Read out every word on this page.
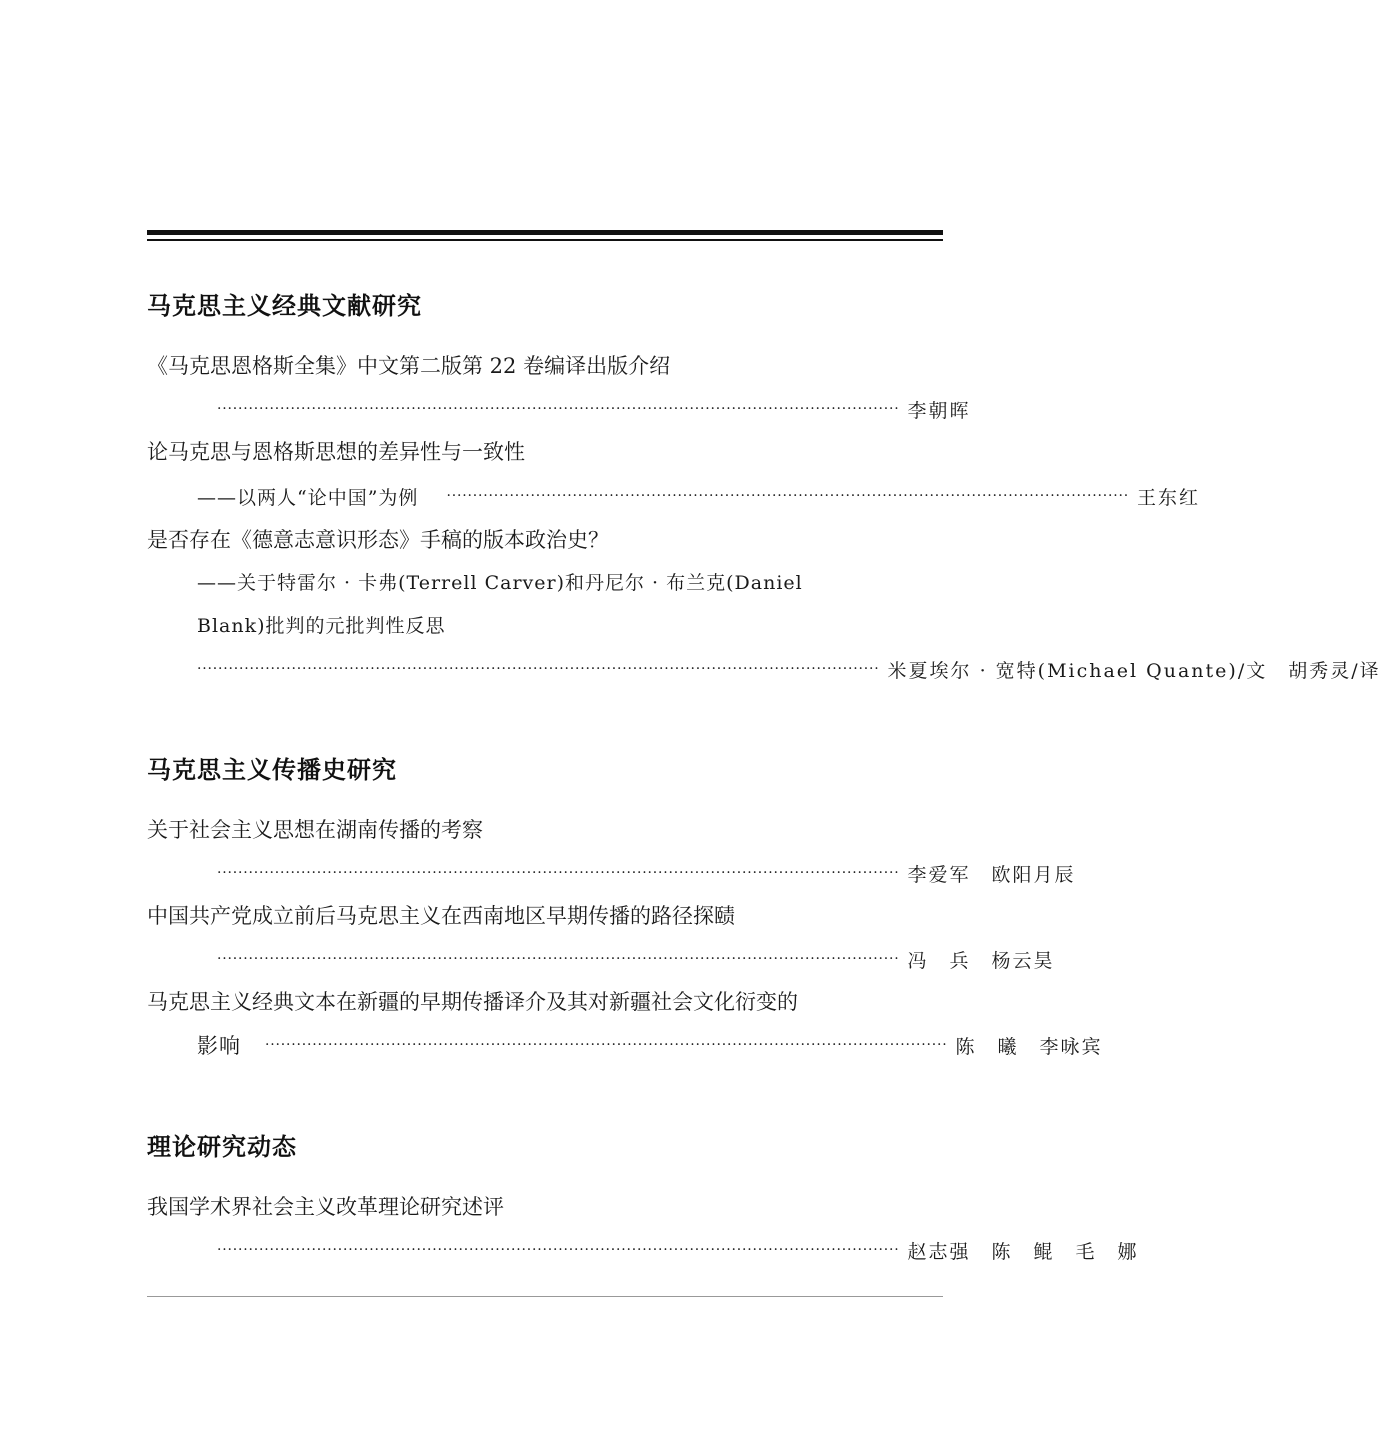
马克思主义经典文献研究
《马克思恩格斯全集》中文第二版第 22 卷编译出版介绍
·································································································································· 李朝晖
论马克思与恩格斯思想的差异性与一致性
——以两人“论中国”为例 ·································································································································· 王东红
是否存在《德意志意识形态》手稿的版本政治史？
——关于特雷尔 · 卡弗(Terrell Carver)和丹尼尔 · 布兰克(Daniel
Blank)批判的元批判性反思
·································································································································· 米夏埃尔 · 宽特(Michael Quante)/文　胡秀灵/译
马克思主义传播史研究
关于社会主义思想在湖南传播的考察
·································································································································· 李爱军　欧阳月辰
中国共产党成立前后马克思主义在西南地区早期传播的路径探赜
·································································································································· 冯　兵　杨云昊
马克思主义经典文本在新疆的早期传播译介及其对新疆社会文化衍变的
影响 ·································································································································· 陈　曦　李咏宾
理论研究动态
我国学术界社会主义改革理论研究述评
·································································································································· 赵志强　陈　鲲　毛　娜
